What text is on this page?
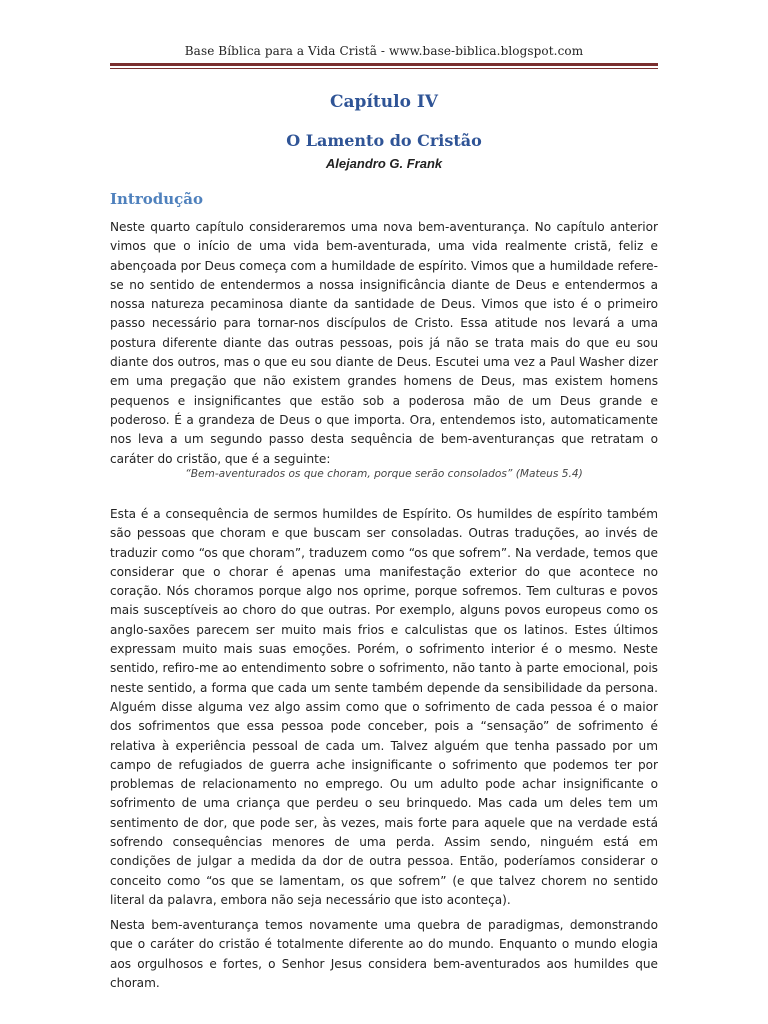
Base Bíblica para a Vida Cristã - www.base-biblica.blogspot.com
Capítulo IV
O Lamento do Cristão
Alejandro G. Frank
Introdução

Neste quarto capítulo consideraremos uma nova bem-aventurança. No capítulo anterior vimos que o início de uma vida bem-aventurada, uma vida realmente cristã, feliz e abençoada por Deus começa com a humildade de espírito. Vimos que a humildade refere-se no sentido de entendermos a nossa insignificância diante de Deus e entendermos a nossa natureza pecaminosa diante da santidade de Deus. Vimos que isto é o primeiro passo necessário para tornar-nos discípulos de Cristo. Essa atitude nos levará a uma postura diferente diante das outras pessoas, pois já não se trata mais do que eu sou diante dos outros, mas o que eu sou diante de Deus. Escutei uma vez a Paul Washer dizer em uma pregação que não existem grandes homens de Deus, mas existem homens pequenos e insignificantes que estão sob a poderosa mão de um Deus grande e poderoso. É a grandeza de Deus o que importa. Ora, entendemos isto, automaticamente nos leva a um segundo passo desta sequência de bem-aventuranças que retratam o caráter do cristão, que é a seguinte:

“Bem-aventurados os que choram, porque serão consolados” (Mateus 5.4)

Esta é a consequência de sermos humildes de Espírito. Os humildes de espírito também são pessoas que choram e que buscam ser consoladas. Outras traduções, ao invés de traduzir como “os que choram”, traduzem como “os que sofrem”. Na verdade, temos que considerar que o chorar é apenas uma manifestação exterior do que acontece no coração. Nós choramos porque algo nos oprime, porque sofremos. Tem culturas e povos mais susceptíveis ao choro do que outras. Por exemplo, alguns povos europeus como os anglo-saxões parecem ser muito mais frios e calculistas que os latinos. Estes últimos expressam muito mais suas emoções. Porém, o sofrimento interior é o mesmo. Neste sentido, refiro-me ao entendimento sobre o sofrimento, não tanto à parte emocional, pois neste sentido, a forma que cada um sente também depende da sensibilidade da persona. Alguém disse alguma vez algo assim como que o sofrimento de cada pessoa é o maior dos sofrimentos que essa pessoa pode conceber, pois a “sensação” de sofrimento é relativa à experiência pessoal de cada um. Talvez alguém que tenha passado por um campo de refugiados de guerra ache insignificante o sofrimento que podemos ter por problemas de relacionamento no emprego. Ou um adulto pode achar insignificante o sofrimento de uma criança que perdeu o seu brinquedo. Mas cada um deles tem um sentimento de dor, que pode ser, às vezes, mais forte para aquele que na verdade está sofrendo consequências menores de uma perda. Assim sendo, ninguém está em condições de julgar a medida da dor de outra pessoa. Então, poderíamos considerar o conceito como “os que se lamentam, os que sofrem” (e que talvez chorem no sentido literal da palavra, embora não seja necessário que isto aconteça).

Nesta bem-aventurança temos novamente uma quebra de paradigmas, demonstrando que o caráter do cristão é totalmente diferente ao do mundo. Enquanto o mundo elogia aos orgulhosos e fortes, o Senhor Jesus considera bem-aventurados aos humildes que choram.
